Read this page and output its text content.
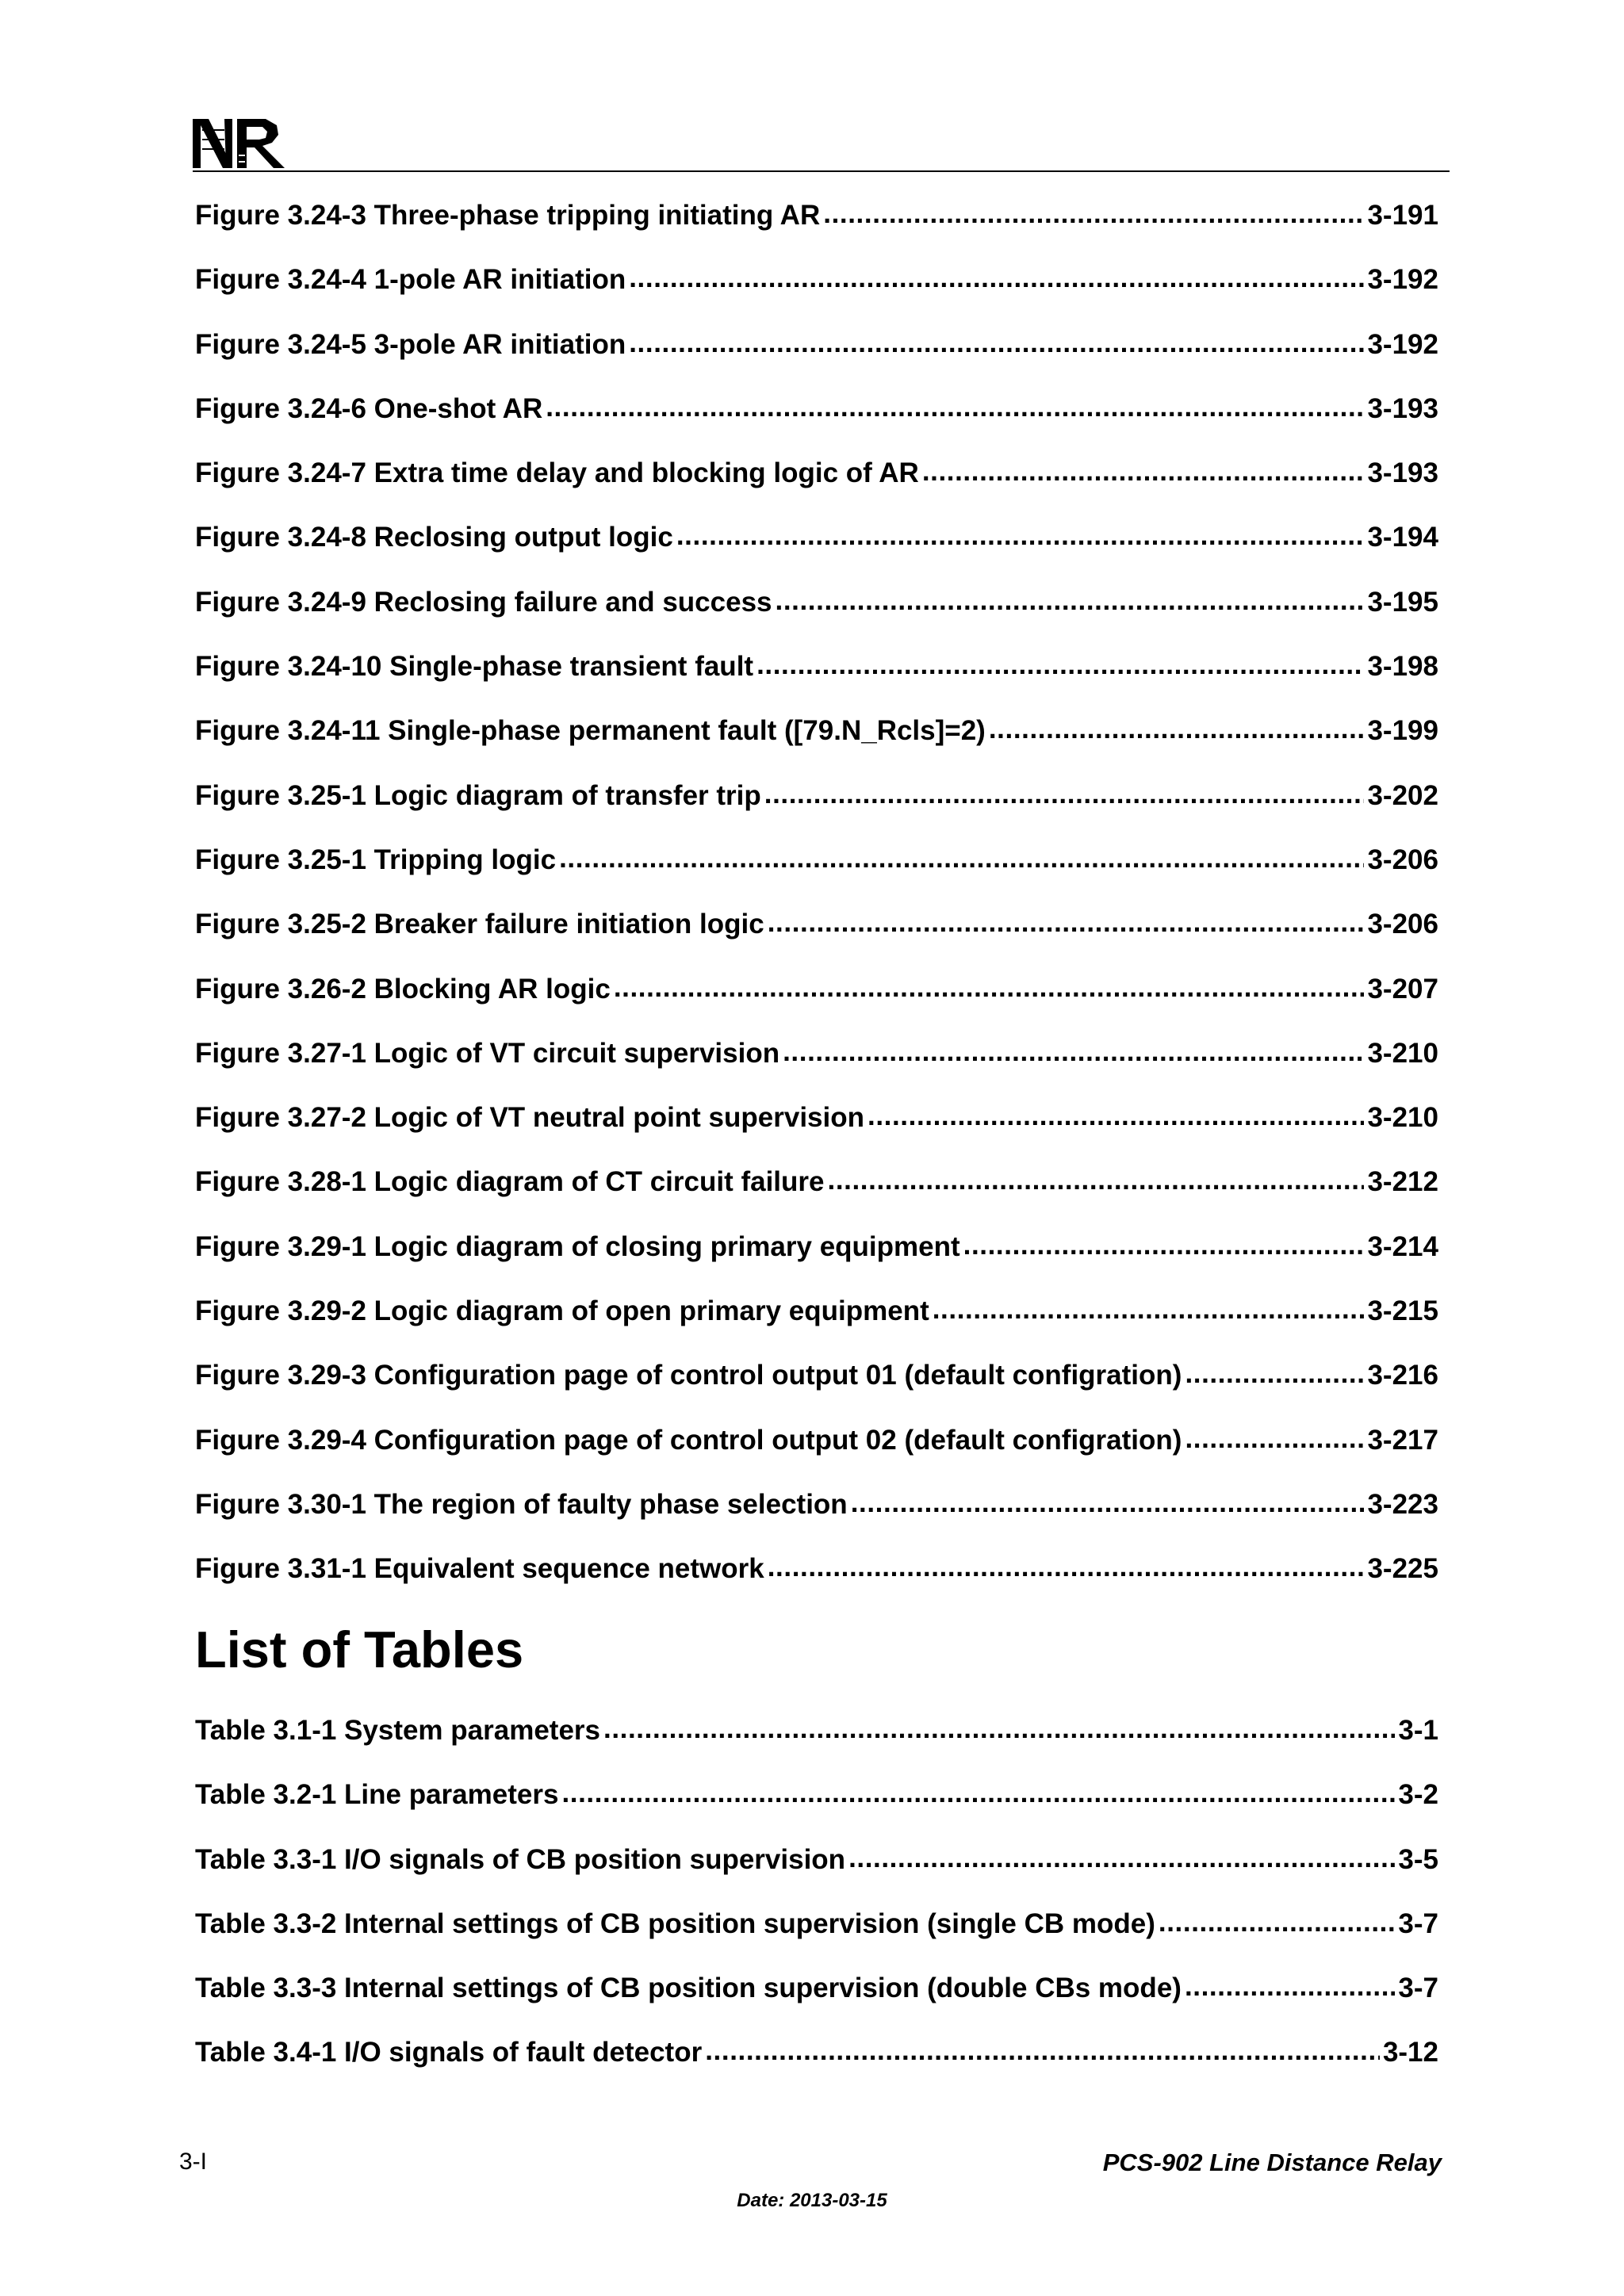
Figure 3.24-3 Three-phase tripping initiating AR .....	3-191
Figure 3.24-4 1-pole AR initiation .....	3-192
Figure 3.24-5 3-pole AR initiation .....	3-192
Figure 3.24-6 One-shot AR .....	3-193
Figure 3.24-7 Extra time delay and blocking logic of AR .....	3-193
Figure 3.24-8 Reclosing output logic .....	3-194
Figure 3.24-9 Reclosing failure and success .....	3-195
Figure 3.24-10 Single-phase transient fault .....	3-198
Figure 3.24-11 Single-phase permanent fault ([79.N_Rcls]=2) .....	3-199
Figure 3.25-1 Logic diagram of transfer trip .....	3-202
Figure 3.25-1 Tripping logic .....	3-206
Figure 3.25-2 Breaker failure initiation logic .....	3-206
Figure 3.26-2 Blocking AR logic .....	3-207
Figure 3.27-1 Logic of VT circuit supervision .....	3-210
Figure 3.27-2 Logic of VT neutral point supervision .....	3-210
Figure 3.28-1 Logic diagram of CT circuit failure .....	3-212
Figure 3.29-1 Logic diagram of closing primary equipment .....	3-214
Figure 3.29-2 Logic diagram of open primary equipment .....	3-215
Figure 3.29-3 Configuration page of control output 01 (default configration) .....	3-216
Figure 3.29-4 Configuration page of control output 02 (default configration) .....	3-217
Figure 3.30-1 The region of faulty phase selection .....	3-223
Figure 3.31-1 Equivalent sequence network .....	3-225
List of Tables
Table 3.1-1 System parameters .....	3-1
Table 3.2-1 Line parameters .....	3-2
Table 3.3-1 I/O signals of CB position supervision .....	3-5
Table 3.3-2 Internal settings of CB position supervision (single CB mode) .....	3-7
Table 3.3-3 Internal settings of CB position supervision (double CBs mode) .....	3-7
Table 3.4-1 I/O signals of fault detector .....	3-12
3-I	PCS-902 Line Distance Relay
Date: 2013-03-15
